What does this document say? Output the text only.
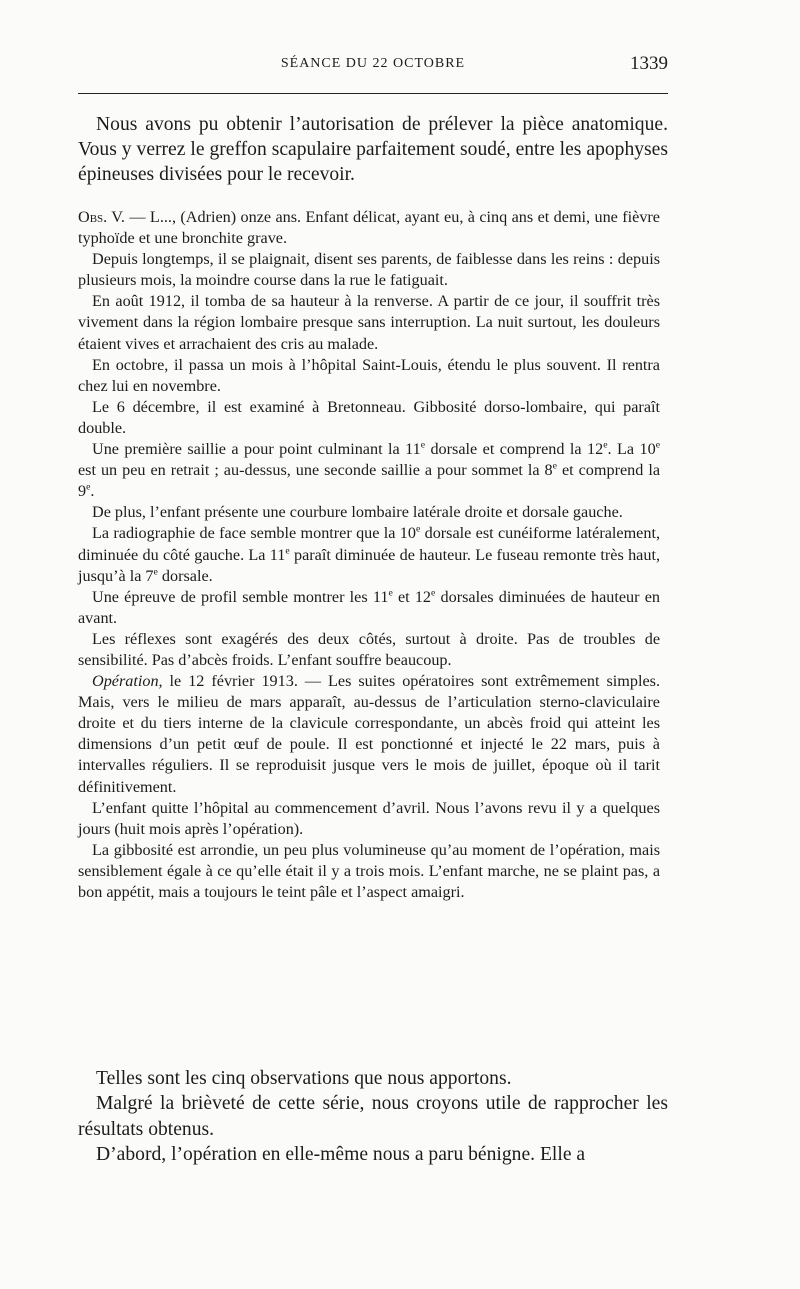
SÉANCE DU 22 OCTOBRE	1339

Nous avons pu obtenir l’autorisation de prélever la pièce anatomique. Vous y verrez le greffon scapulaire parfaitement soudé, entre les apophyses épineuses divisées pour le recevoir.

Obs. V. — L..., (Adrien) onze ans. Enfant délicat, ayant eu, à cinq ans et demi, une fièvre typhoïde et une bronchite grave.

Depuis longtemps, il se plaignait, disent ses parents, de faiblesse dans les reins : depuis plusieurs mois, la moindre course dans la rue le fatiguait.

En août 1912, il tomba de sa hauteur à la renverse. A partir de ce jour, il souffrit très vivement dans la région lombaire presque sans interruption. La nuit surtout, les douleurs étaient vives et arrachaient des cris au malade.

En octobre, il passa un mois à l’hôpital Saint-Louis, étendu le plus souvent. Il rentra chez lui en novembre.

Le 6 décembre, il est examiné à Bretonneau. Gibbosité dorso-lombaire, qui paraît double.

Une première saillie a pour point culminant la 11e dorsale et comprend la 12e. La 10e est un peu en retrait ; au-dessus, une seconde saillie a pour sommet la 8e et comprend la 9e.

De plus, l’enfant présente une courbure lombaire latérale droite et dorsale gauche.

La radiographie de face semble montrer que la 10e dorsale est cunéiforme latéralement, diminuée du côté gauche. La 11e paraît diminuée de hauteur. Le fuseau remonte très haut, jusqu’à la 7e dorsale.

Une épreuve de profil semble montrer les 11e et 12e dorsales diminuées de hauteur en avant.

Les réflexes sont exagérés des deux côtés, surtout à droite. Pas de troubles de sensibilité. Pas d’abcès froids. L’enfant souffre beaucoup.

Opération, le 12 février 1913. — Les suites opératoires sont extrêmement simples. Mais, vers le milieu de mars apparaît, au-dessus de l’articulation sterno-claviculaire droite et du tiers interne de la clavicule correspondante, un abcès froid qui atteint les dimensions d’un petit œuf de poule. Il est ponctionné et injecté le 22 mars, puis à intervalles réguliers. Il se reproduisit jusque vers le mois de juillet, époque où il tarit définitivement.

L’enfant quitte l’hôpital au commencement d’avril. Nous l’avons revu il y a quelques jours (huit mois après l’opération).

La gibbosité est arrondie, un peu plus volumineuse qu’au moment de l’opération, mais sensiblement égale à ce qu’elle était il y a trois mois. L’enfant marche, ne se plaint pas, a bon appétit, mais a toujours le teint pâle et l’aspect amaigri.

Telles sont les cinq observations que nous apportons.

Malgré la brièveté de cette série, nous croyons utile de rapprocher les résultats obtenus.

D’abord, l’opération en elle-même nous a paru bénigne. Elle a
